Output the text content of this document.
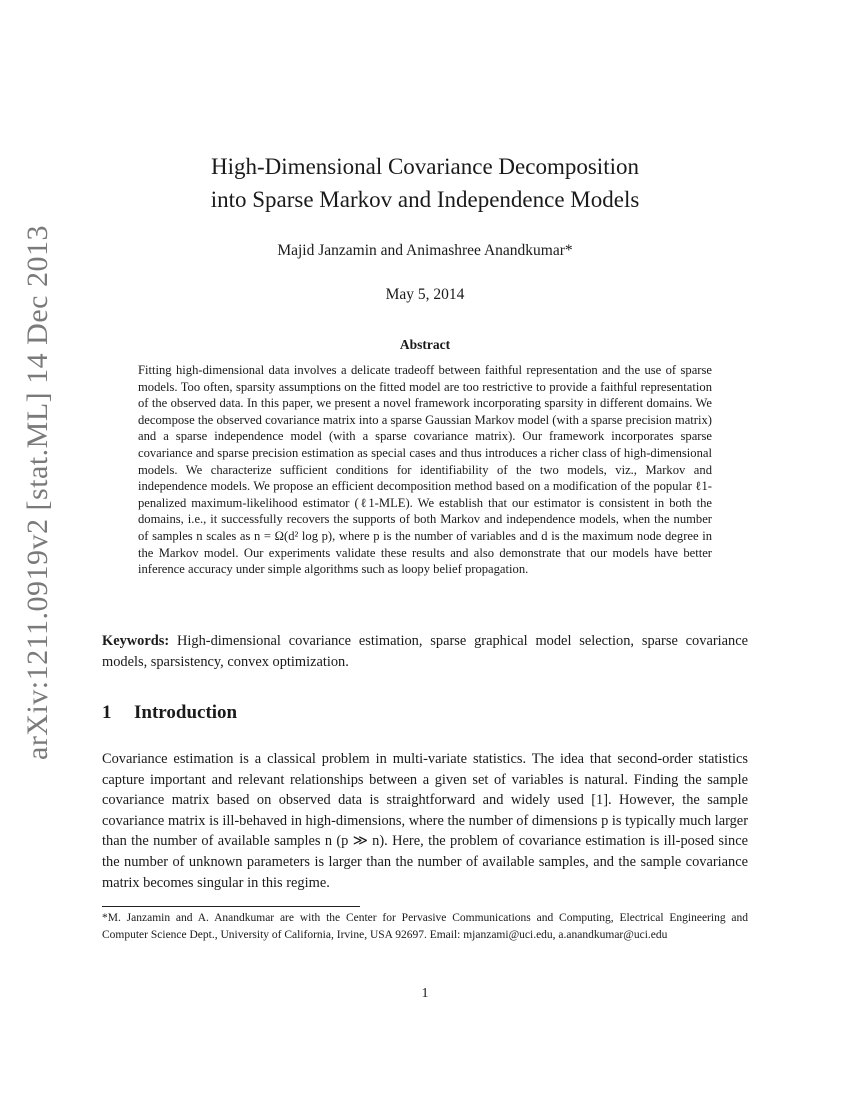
arXiv:1211.0919v2 [stat.ML] 14 Dec 2013
High-Dimensional Covariance Decomposition
into Sparse Markov and Independence Models
Majid Janzamin and Animashree Anandkumar*
May 5, 2014
Abstract
Fitting high-dimensional data involves a delicate tradeoff between faithful representation and the use of sparse models. Too often, sparsity assumptions on the fitted model are too restrictive to provide a faithful representation of the observed data. In this paper, we present a novel framework incorporating sparsity in different domains. We decompose the observed covariance matrix into a sparse Gaussian Markov model (with a sparse precision matrix) and a sparse independence model (with a sparse covariance matrix). Our framework incorporates sparse covariance and sparse precision estimation as special cases and thus introduces a richer class of high-dimensional models. We characterize sufficient conditions for identifiability of the two models, viz., Markov and independence models. We propose an efficient decomposition method based on a modification of the popular ℓ1-penalized maximum-likelihood estimator (ℓ1-MLE). We establish that our estimator is consistent in both the domains, i.e., it successfully recovers the supports of both Markov and independence models, when the number of samples n scales as n = Ω(d² log p), where p is the number of variables and d is the maximum node degree in the Markov model. Our experiments validate these results and also demonstrate that our models have better inference accuracy under simple algorithms such as loopy belief propagation.
Keywords: High-dimensional covariance estimation, sparse graphical model selection, sparse covariance models, sparsistency, convex optimization.
1 Introduction
Covariance estimation is a classical problem in multi-variate statistics. The idea that second-order statistics capture important and relevant relationships between a given set of variables is natural. Finding the sample covariance matrix based on observed data is straightforward and widely used [1]. However, the sample covariance matrix is ill-behaved in high-dimensions, where the number of dimensions p is typically much larger than the number of available samples n (p ≫ n). Here, the problem of covariance estimation is ill-posed since the number of unknown parameters is larger than the number of available samples, and the sample covariance matrix becomes singular in this regime.
*M. Janzamin and A. Anandkumar are with the Center for Pervasive Communications and Computing, Electrical Engineering and Computer Science Dept., University of California, Irvine, USA 92697. Email: mjanzami@uci.edu, a.anandkumar@uci.edu
1
